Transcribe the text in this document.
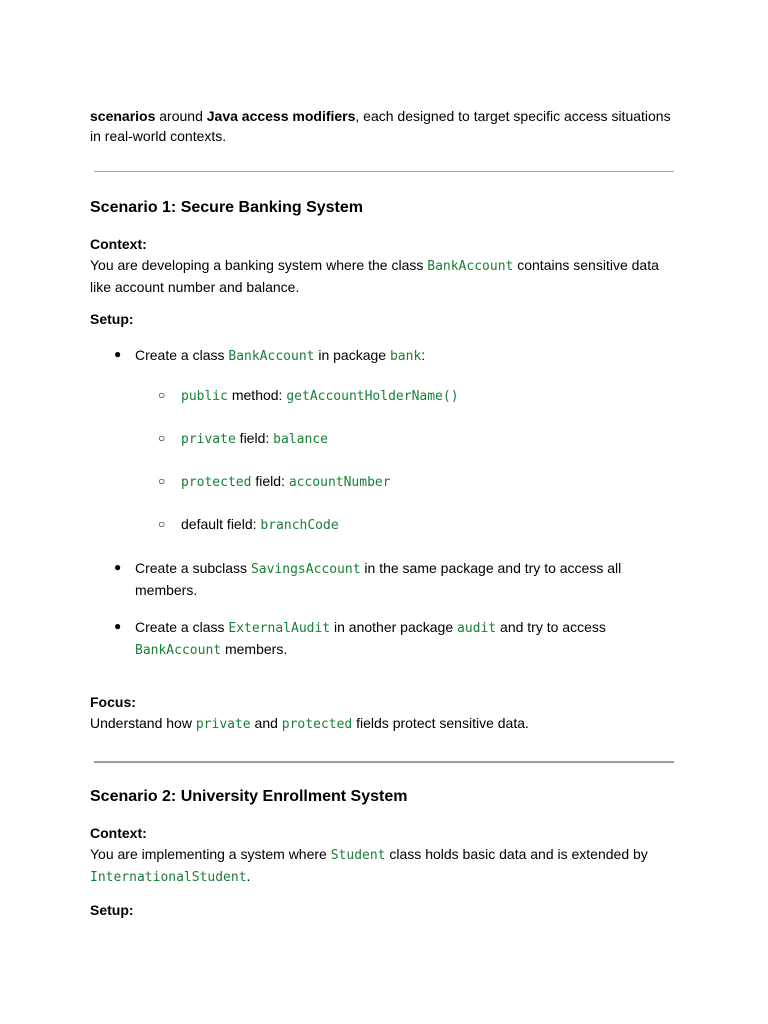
scenarios around Java access modifiers, each designed to target specific access situations in real-world contexts.

Scenario 1: Secure Banking System

Context:

You are developing a banking system where the class BankAccount contains sensitive data like account number and balance.

Setup:

● Create a class BankAccount in package bank:

○ public method: getAccountHolderName()

○ private field: balance

○ protected field: accountNumber

○ default field: branchCode

● Create a subclass SavingsAccount in the same package and try to access all members.

● Create a class ExternalAudit in another package audit and try to access BankAccount members.

Focus:

Understand how private and protected fields protect sensitive data.

Scenario 2: University Enrollment System

Context:

You are implementing a system where Student class holds basic data and is extended by InternationalStudent.

Setup:
